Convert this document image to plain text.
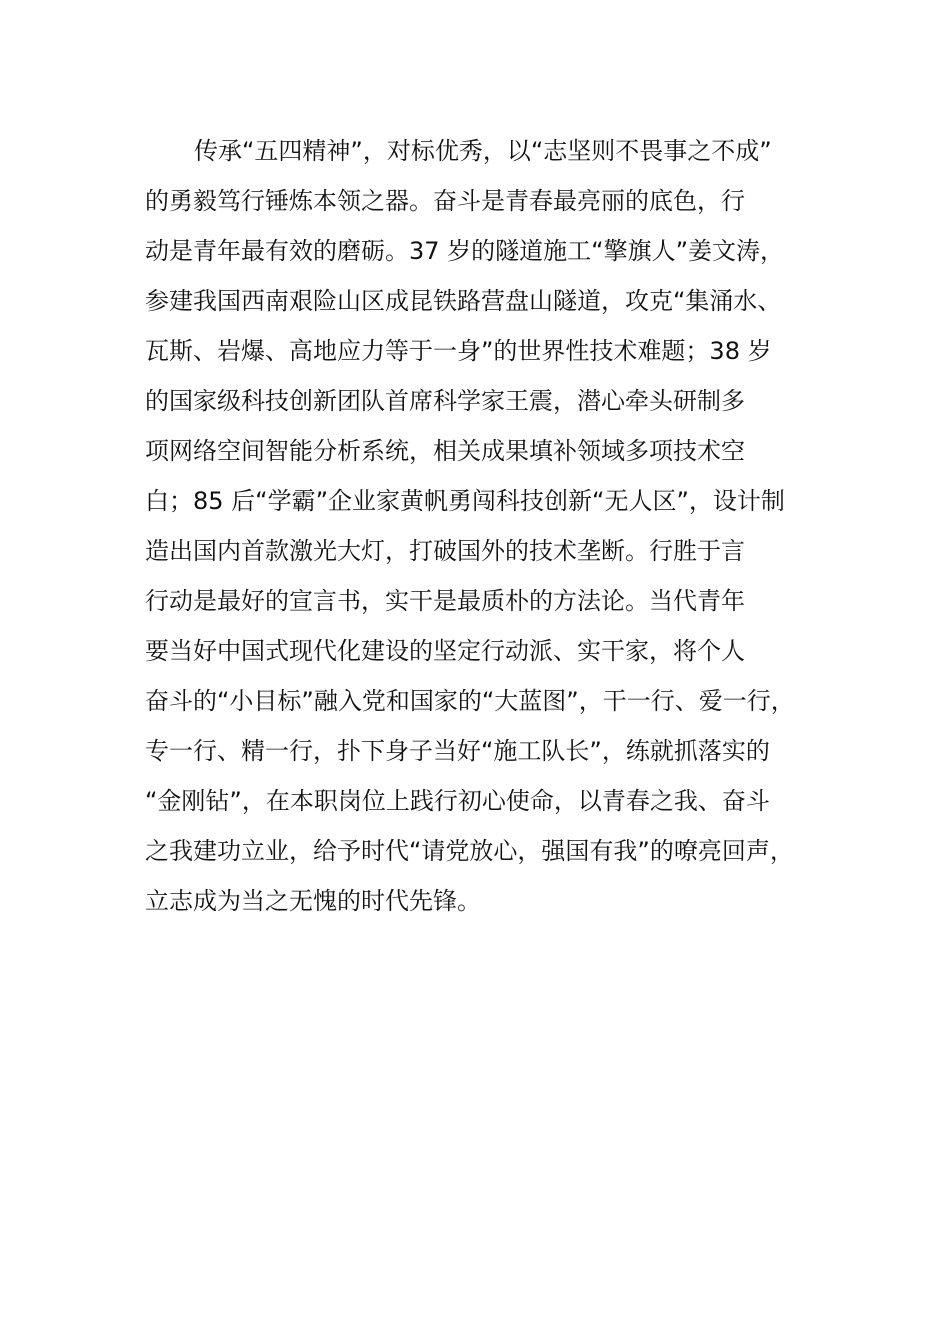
传承“五四精神”，对标优秀，以“志坚则不畏事之不成”
的勇毅笃行锤炼本领之器。奋斗是青春最亮丽的底色，行
动是青年最有效的磨砺。37 岁的隧道施工“擎旗人”姜文涛，
参建我国西南艰险山区成昆铁路营盘山隧道，攻克“集涌水、
瓦斯、岩爆、高地应力等于一身”的世界性技术难题；38 岁
的国家级科技创新团队首席科学家王震，潜心牵头研制多
项网络空间智能分析系统，相关成果填补领域多项技术空
白；85 后“学霸”企业家黄帆勇闯科技创新“无人区”，设计制
造出国内首款激光大灯，打破国外的技术垄断。行胜于言
行动是最好的宣言书，实干是最质朴的方法论。当代青年
要当好中国式现代化建设的坚定行动派、实干家，将个人
奋斗的“小目标”融入党和国家的“大蓝图”，干一行、爱一行，
专一行、精一行，扑下身子当好“施工队长”，练就抓落实的
“金刚钻”，在本职岗位上践行初心使命，以青春之我、奋斗
之我建功立业，给予时代“请党放心，强国有我”的嘹亮回声，
立志成为当之无愧的时代先锋。
